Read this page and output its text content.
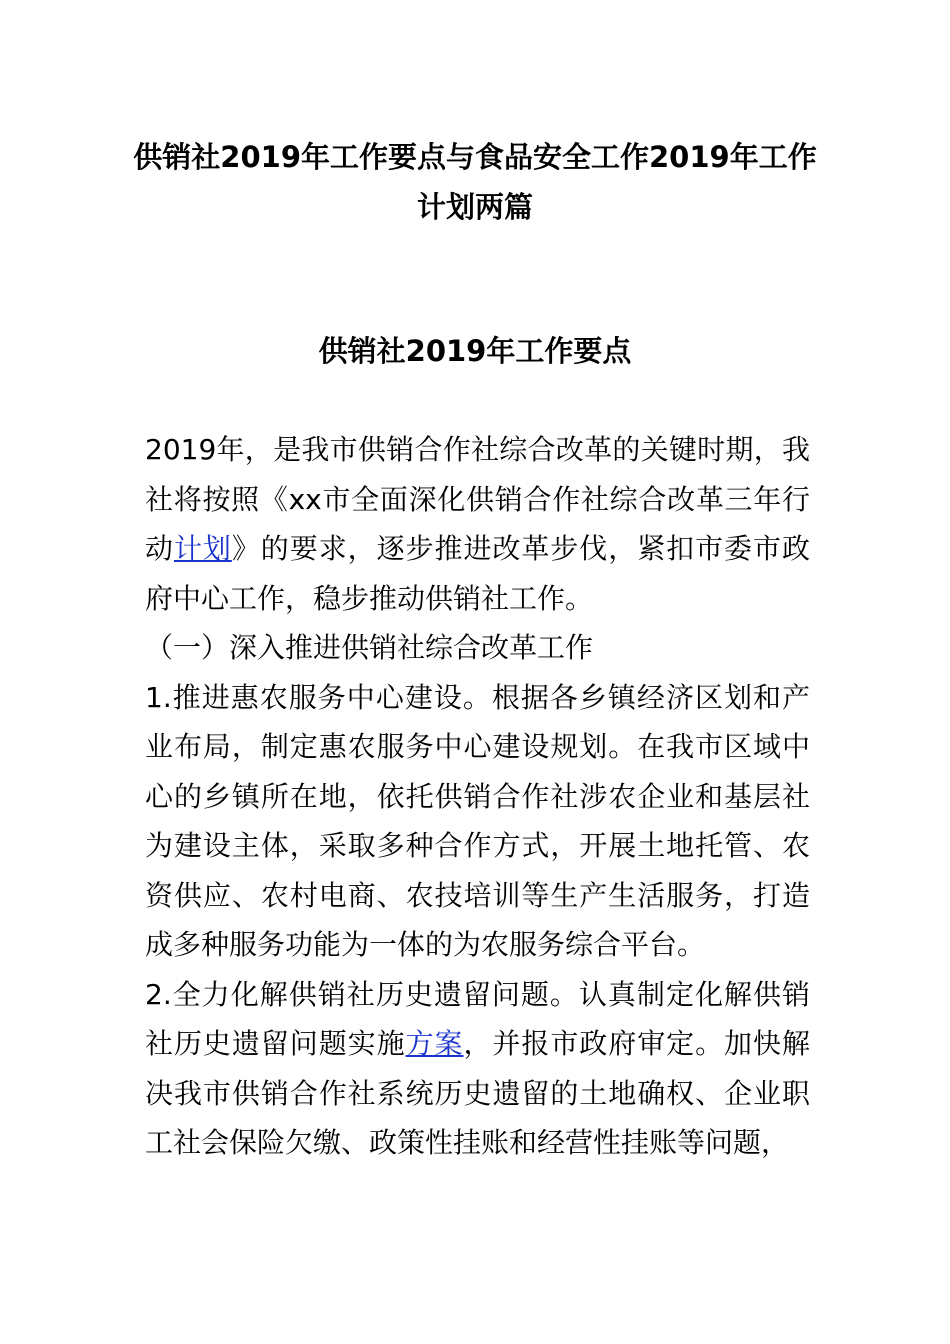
供销社2019年工作要点与食品安全工作2019年工作计划两篇
供销社2019年工作要点

2019年，是我市供销合作社综合改革的关键时期，我社将按照《xx市全面深化供销合作社综合改革三年行动计划》的要求，逐步推进改革步伐，紧扣市委市政府中心工作，稳步推动供销社工作。

（一）深入推进供销社综合改革工作

1.推进惠农服务中心建设。根据各乡镇经济区划和产业布局，制定惠农服务中心建设规划。在我市区域中心的乡镇所在地，依托供销合作社涉农企业和基层社为建设主体，采取多种合作方式，开展土地托管、农资供应、农村电商、农技培训等生产生活服务，打造成多种服务功能为一体的为农服务综合平台。

2.全力化解供销社历史遗留问题。认真制定化解供销社历史遗留问题实施方案，并报市政府审定。加快解决我市供销合作社系统历史遗留的土地确权、企业职工社会保险欠缴、政策性挂账和经营性挂账等问题，
